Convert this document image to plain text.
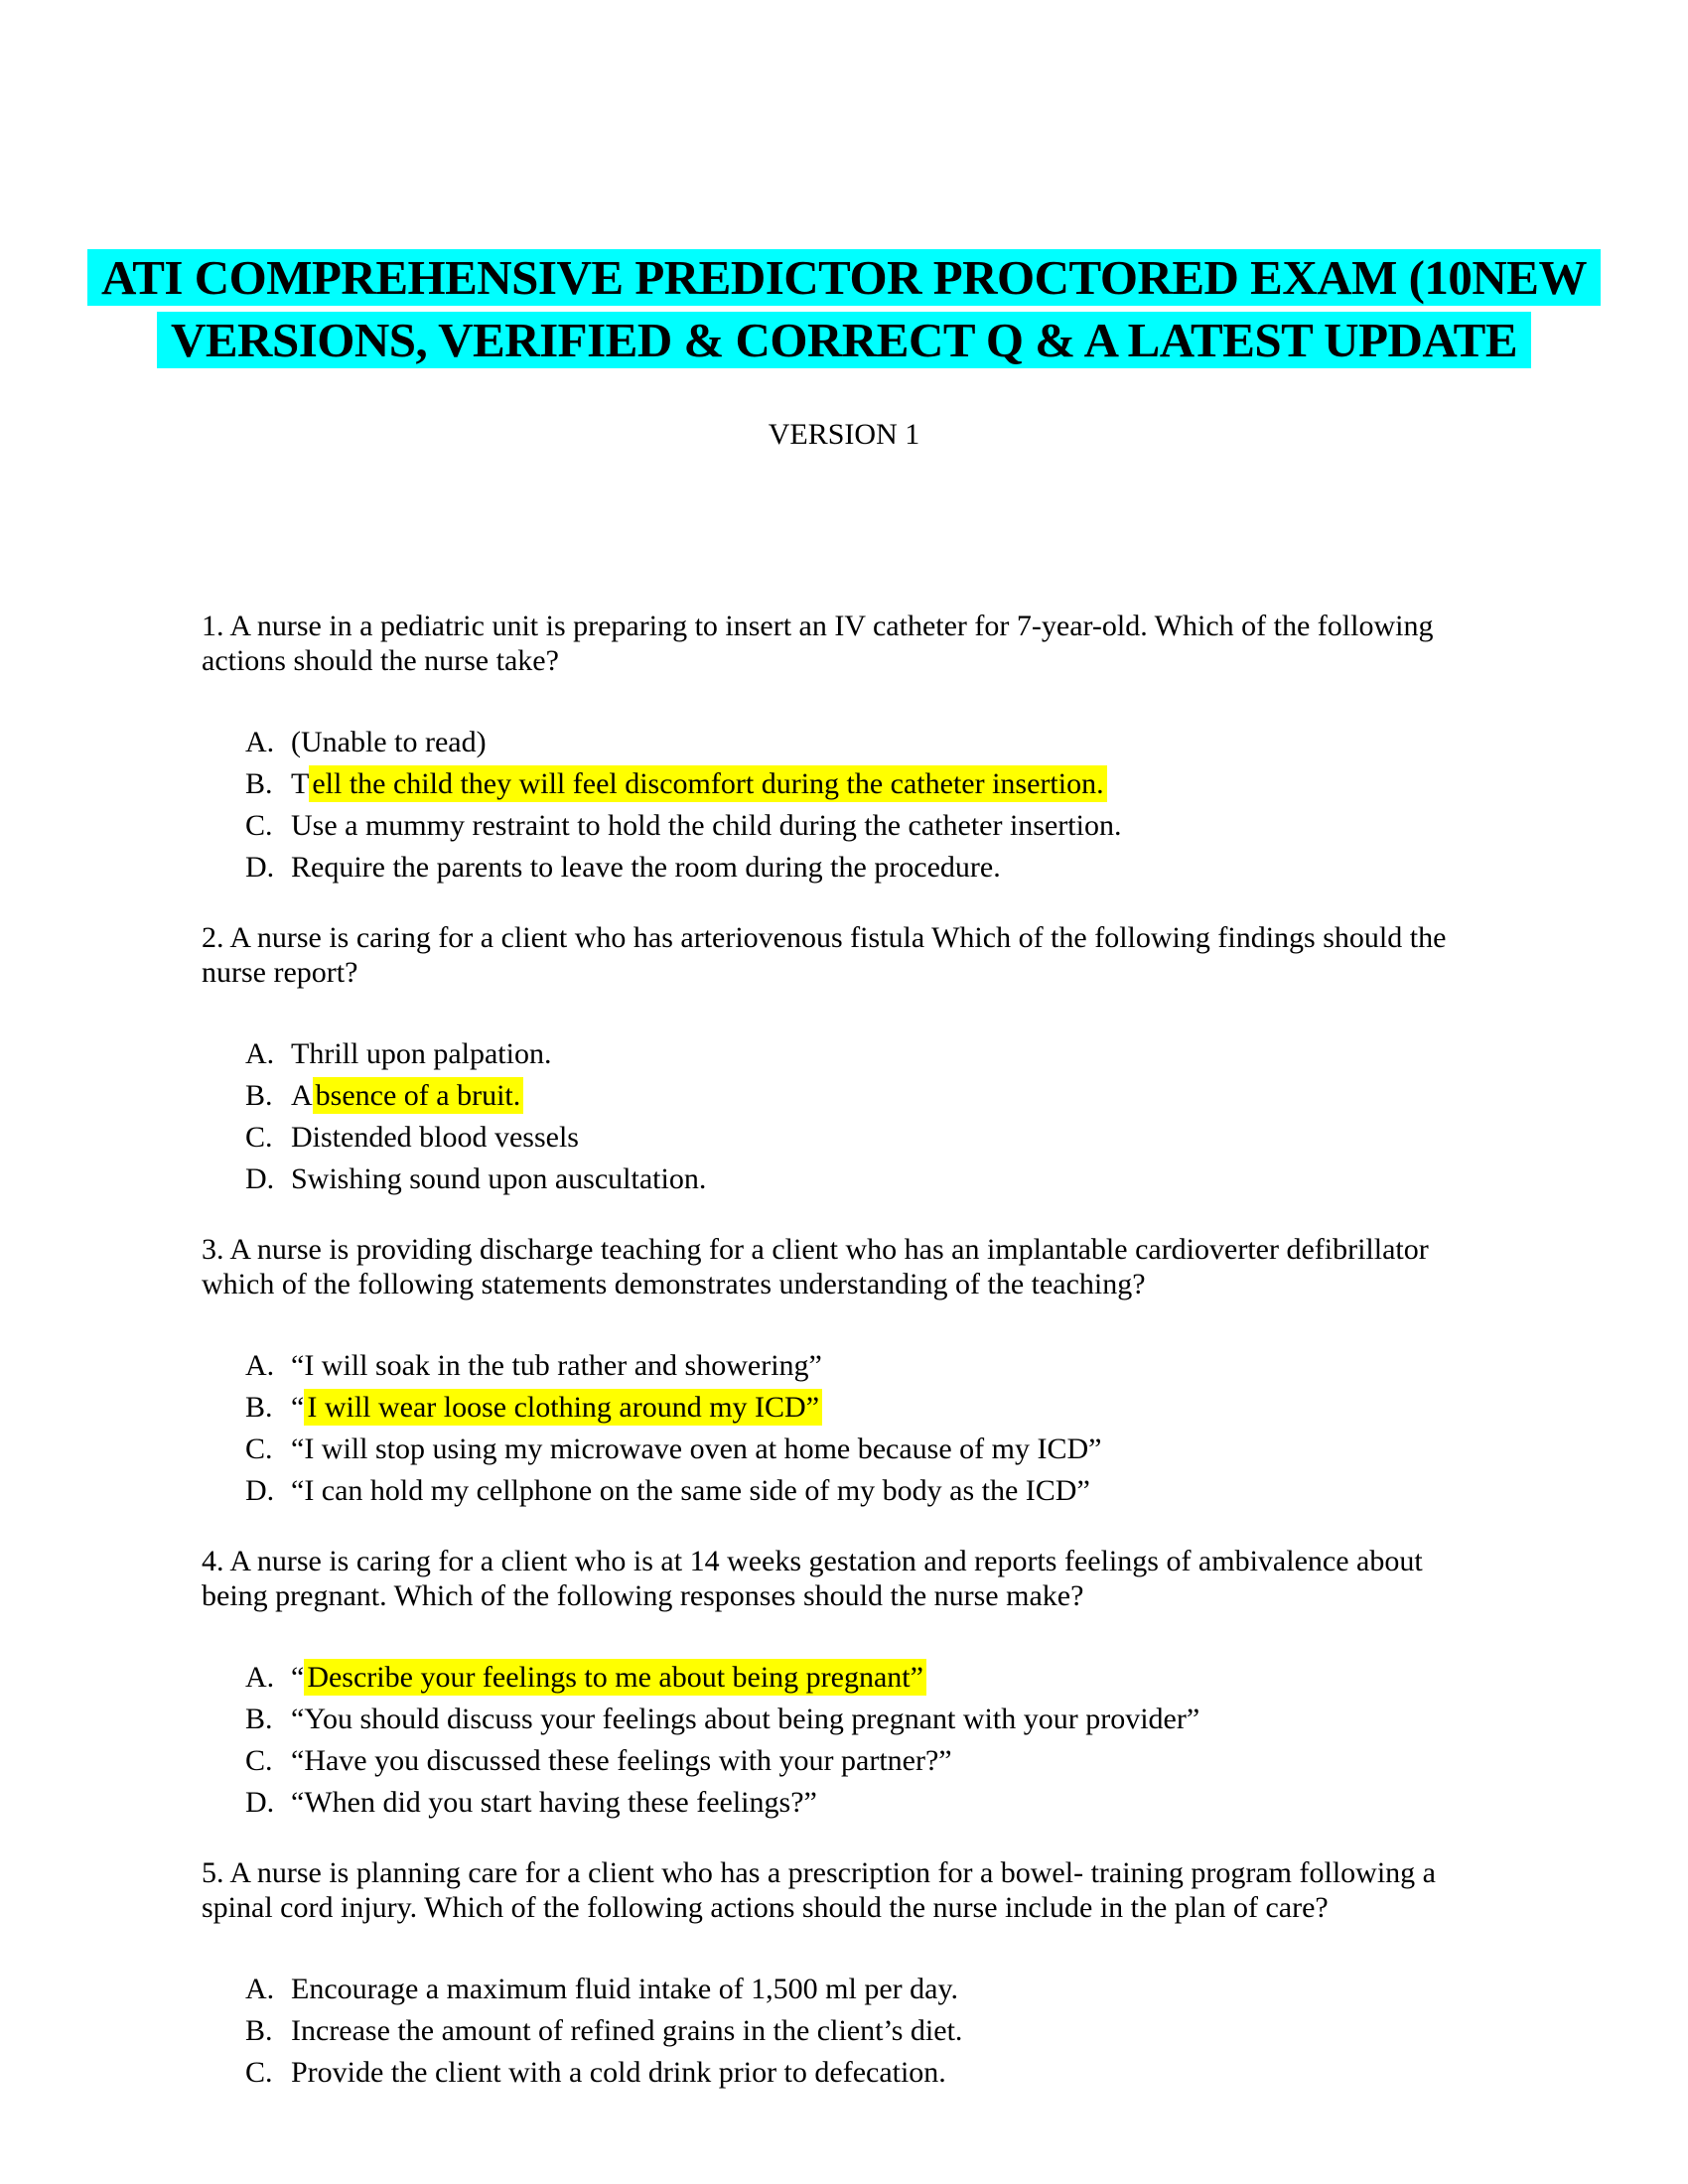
ATI COMPREHENSIVE PREDICTOR PROCTORED EXAM (10NEW
VERSIONS, VERIFIED & CORRECT Q & A LATEST UPDATE
VERSION 1

1. A nurse in a pediatric unit is preparing to insert an IV catheter for 7-year-old. Which of the following actions should the nurse take?

A. (Unable to read)
B. T ell the child they will feel discomfort during the catheter insertion.
C. Use a mummy restraint to hold the child during the catheter insertion.
D. Require the parents to leave the room during the procedure.

2. A nurse is caring for a client who has arteriovenous fistula Which of the following findings should the nurse report?

A. Thrill upon palpation.
B. A bsence of a bruit.
C. Distended blood vessels
D. Swishing sound upon auscultation.

3. A nurse is providing discharge teaching for a client who has an implantable cardioverter defibrillator which of the following statements demonstrates understanding of the teaching?

A. “I will soak in the tub rather and showering”
B. “ I will wear loose clothing around my ICD”
C. “I will stop using my microwave oven at home because of my ICD”
D. “I can hold my cellphone on the same side of my body as the ICD”

4. A nurse is caring for a client who is at 14 weeks gestation and reports feelings of ambivalence about being pregnant. Which of the following responses should the nurse make?

A. “ Describe your feelings to me about being pregnant”
B. “You should discuss your feelings about being pregnant with your provider”
C. “Have you discussed these feelings with your partner?”
D. “When did you start having these feelings?”

5. A nurse is planning care for a client who has a prescription for a bowel- training program following a spinal cord injury. Which of the following actions should the nurse include in the plan of care?

A. Encourage a maximum fluid intake of 1,500 ml per day.
B. Increase the amount of refined grains in the client’s diet.
C. Provide the client with a cold drink prior to defecation.
